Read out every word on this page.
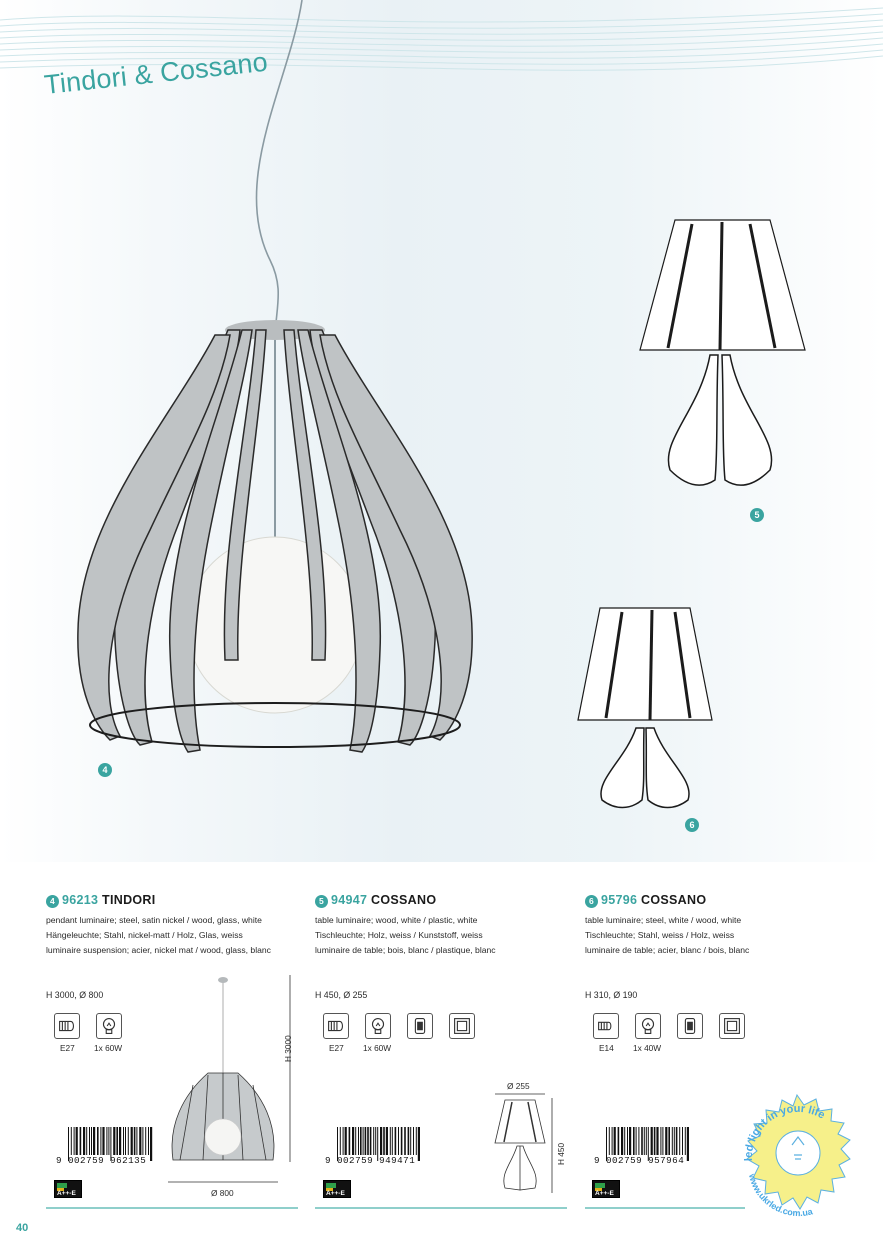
Tindori & Cossano
4
5
6
4 96213 TINDORI
pendant luminaire; steel, satin nickel / wood, glass, white
Hängeleuchte; Stahl, nickel-matt / Holz, Glas, weiss
luminaire suspension; acier, nickel mat / wood, glass, blanc
H 3000, Ø 800
E27 1x 60W
5 94947 COSSANO
table luminaire; wood, white / plastic, white
Tischleuchte; Holz, weiss / Kunststoff, weiss
luminaire de table; bois, blanc / plastique, blanc
H 450, Ø 255
E27 1x 60W
6 95796 COSSANO
table luminaire; steel, white / wood, white
Tischleuchte; Stahl, weiss / Holz, weiss
luminaire de table; acier, blanc / bois, blanc
H 310, Ø 190
E14 1x 40W
9 002759 962135	9 002759 949471	9 002759 957964
A++-E	A++-E	A++-E
H 3000
Ø 800
Ø 255
H 450
40
led light in your life
www.ukrled.com.ua
